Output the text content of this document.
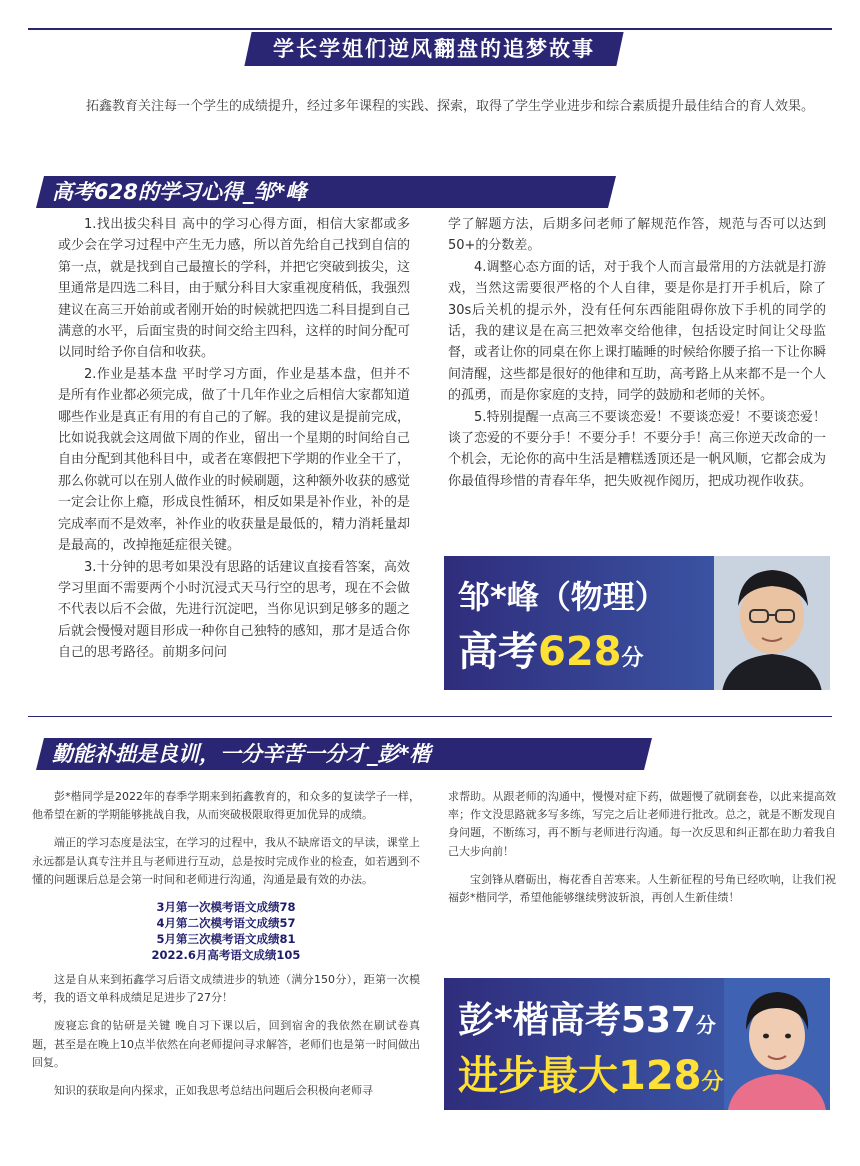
学长学姐们逆风翻盘的追梦故事
拓鑫教育关注每一个学生的成绩提升，经过多年课程的实践、探索，取得了学生学业进步和综合素质提升最佳结合的育人效果。
高考628的学习心得_邹*峰

1.找出拔尖科目 高中的学习心得方面，相信大家都或多或少会在学习过程中产生无力感，所以首先给自己找到自信的第一点，就是找到自己最擅长的学科，并把它突破到拔尖，这里通常是四选二科目，由于赋分科目大家重视度稍低，我强烈建议在高三开始前或者刚开始的时候就把四选二科目提到自己满意的水平，后面宝贵的时间交给主四科，这样的时间分配可以同时给予你自信和收获。

2.作业是基本盘 平时学习方面，作业是基本盘，但并不是所有作业都必须完成，做了十几年作业之后相信大家都知道哪些作业是真正有用的有自己的了解。我的建议是提前完成，比如说我就会这周做下周的作业，留出一个星期的时间给自己自由分配到其他科目中，或者在寒假把下学期的作业全干了，那么你就可以在别人做作业的时候刷题，这种额外收获的感觉一定会让你上瘾，形成良性循环，相反如果是补作业，补的是完成率而不是效率，补作业的收获量是最低的，精力消耗量却是最高的，改掉拖延症很关键。

3.十分钟的思考如果没有思路的话建议直接看答案，高效学习里面不需要两个小时沉浸式天马行空的思考，现在不会做不代表以后不会做，先进行沉淀吧，当你见识到足够多的题之后就会慢慢对题目形成一种你自己独特的感知，那才是适合你自己的思考路径。前期多问问

学了解题方法，后期多问老师了解规范作答，规范与否可以达到50+的分数差。

4.调整心态方面的话，对于我个人而言最常用的方法就是打游戏，当然这需要很严格的个人自律，要是你是打开手机后，除了30s后关机的提示外，没有任何东西能阻碍你放下手机的同学的话，我的建议是在高三把效率交给他律，包括设定时间让父母监督，或者让你的同桌在你上课打瞌睡的时候给你腰子掐一下让你瞬间清醒，这些都是很好的他律和互助，高考路上从来都不是一个人的孤勇，而是你家庭的支持，同学的鼓励和老师的关怀。

5.特别提醒一点高三不要谈恋爱！不要谈恋爱！不要谈恋爱！谈了恋爱的不要分手！不要分手！不要分手！高三你逆天改命的一个机会，无论你的高中生活是糟糕透顶还是一帆风顺，它都会成为你最值得珍惜的青春年华，把失败视作阅历，把成功视作收获。

邹*峰（物理）
高考628分
勤能补拙是良训，一分辛苦一分才_彭*楷

彭*楷同学是2022年的春季学期来到拓鑫教育的，和众多的复读学子一样，他希望在新的学期能够挑战自我，从而突破极限取得更加优异的成绩。

端正的学习态度是法宝，在学习的过程中，我从不缺席语文的早读，课堂上永远都是认真专注并且与老师进行互动，总是按时完成作业的检查，如若遇到不懂的问题课后总是会第一时间和老师进行沟通，沟通是最有效的办法。

3月第一次模考语文成绩78
4月第二次模考语文成绩57
5月第三次模考语文成绩81
2022.6月高考语文成绩105

这是自从来到拓鑫学习后语文成绩进步的轨迹（满分150分），距第一次模考，我的语文单科成绩足足进步了27分！

废寝忘食的钻研是关键 晚自习下课以后，回到宿舍的我依然在刷试卷真题，甚至是在晚上10点半依然在向老师提问寻求解答，老师们也是第一时间做出回复。

知识的获取是向内探求，正如我思考总结出问题后会积极向老师寻

求帮助。从跟老师的沟通中，慢慢对症下药，做题慢了就刷套卷，以此来提高效率；作文没思路就多写多练，写完之后让老师进行批改。总之，就是不断发现自身问题，不断练习，再不断与老师进行沟通。每一次反思和纠正都在助力着我自己大步向前！

宝剑锋从磨砺出，梅花香自苦寒来。人生新征程的号角已经吹响，让我们祝福彭*楷同学，希望他能够继续劈波斩浪，再创人生新佳绩！

彭*楷高考537分
进步最大128分
